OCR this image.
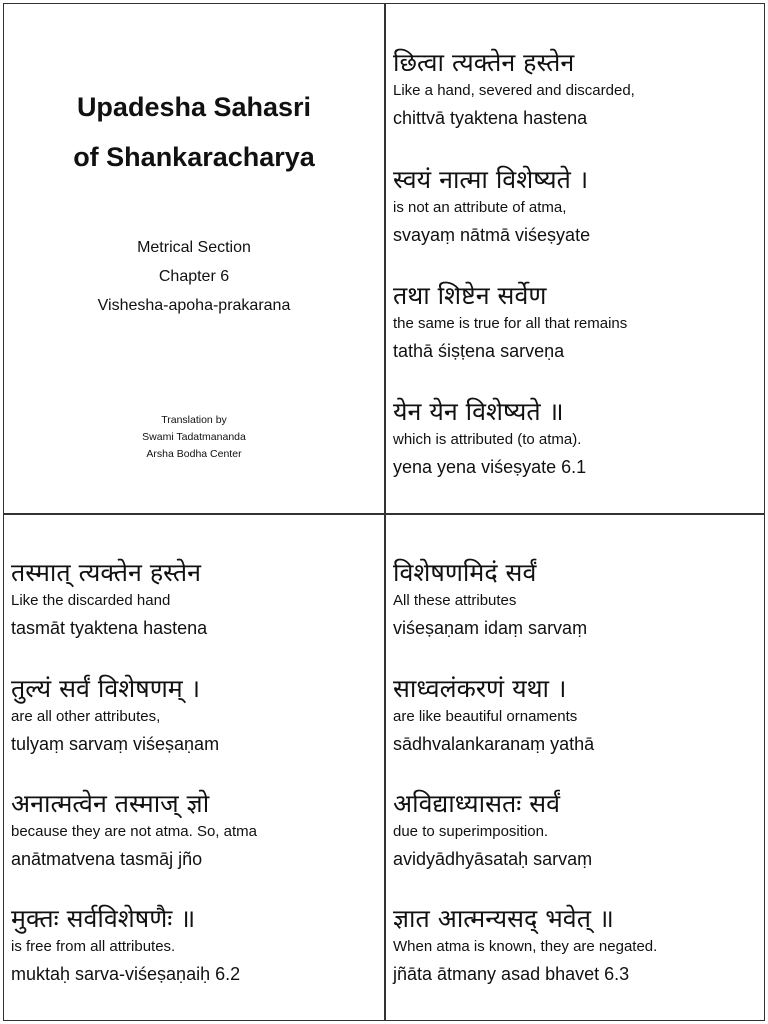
Upadesha Sahasri
of Shankaracharya
Metrical Section
Chapter 6
Vishesha-apoha-prakarana
Translation by
Swami Tadatmananda
Arsha Bodha Center
छित्वा त्यक्तेन हस्तेन
Like a hand, severed and discarded,
chittvā tyaktena hastena
स्वयं नात्मा विशेष्यते ।
is not an attribute of atma,
svayaṃ nātmā viśeṣyate
तथा शिष्टेन सर्वेण
the same is true for all that remains
tathā śiṣṭena sarveṇa
येन येन विशेष्यते ॥
which is attributed (to atma).
yena yena viśeṣyate 6.1
तस्मात् त्यक्तेन हस्तेन
Like the discarded hand
tasmāt tyaktena hastena
तुल्यं सर्वं विशेषणम् ।
are all other attributes,
tulyaṃ sarvaṃ viśeṣaṇam
अनात्मत्वेन तस्माज् ज्ञो
because they are not atma. So, atma
anātmatvena tasmāj jño
मुक्तः सर्वविशेषणैः ॥
is free from all attributes.
muktaḥ sarva-viśeṣaṇaiḥ 6.2
विशेषणमिदं सर्वं
All these attributes
viśeṣaṇam idaṃ sarvaṃ
साध्वलंकरणं यथा ।
are like beautiful ornaments
sādhvalankaranaṃ yathā
अविद्याध्यासतः सर्वं
due to superimposition.
avidyādhyāsataḥ sarvaṃ
ज्ञात आत्मन्यसद् भवेत् ॥
When atma is known, they are negated.
jñāta ātmany asad bhavet 6.3
